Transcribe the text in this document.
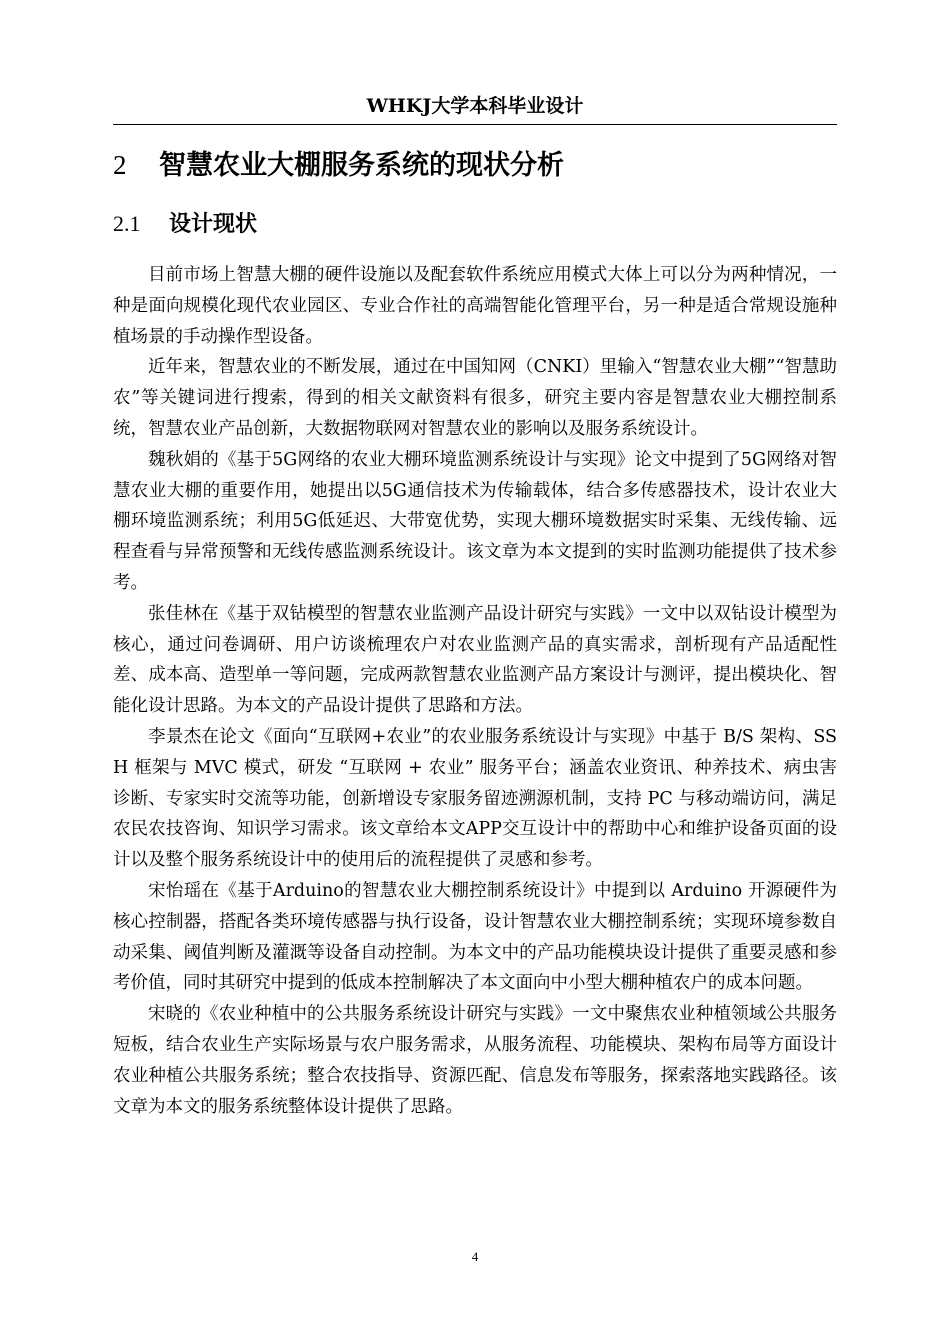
WHKJ大学本科毕业设计
2 智慧农业大棚服务系统的现状分析
2.1 设计现状

目前市场上智慧大棚的硬件设施以及配套软件系统应用模式大体上可以分为两种情况，一种是面向规模化现代农业园区、专业合作社的高端智能化管理平台，另一种是适合常规设施种植场景的手动操作型设备。

近年来，智慧农业的不断发展，通过在中国知网（CNKI）里输入“智慧农业大棚”“智慧助农”等关键词进行搜索，得到的相关文献资料有很多，研究主要内容是智慧农业大棚控制系统，智慧农业产品创新，大数据物联网对智慧农业的影响以及服务系统设计。

魏秋娟的《基于5G网络的农业大棚环境监测系统设计与实现》论文中提到了5G网络对智慧农业大棚的重要作用，她提出以5G通信技术为传输载体，结合多传感器技术，设计农业大棚环境监测系统；利用5G低延迟、大带宽优势，实现大棚环境数据实时采集、无线传输、远程查看与异常预警和无线传感监测系统设计。该文章为本文提到的实时监测功能提供了技术参考。

张佳林在《基于双钻模型的智慧农业监测产品设计研究与实践》一文中以双钻设计模型为核心，通过问卷调研、用户访谈梳理农户对农业监测产品的真实需求，剖析现有产品适配性差、成本高、造型单一等问题，完成两款智慧农业监测产品方案设计与测评，提出模块化、智能化设计思路。为本文的产品设计提供了思路和方法。

李景杰在论文《面向“互联网+农业”的农业服务系统设计与实现》中基于 B/S 架构、SSH 框架与 MVC 模式，研发 “互联网 + 农业” 服务平台；涵盖农业资讯、种养技术、病虫害诊断、专家实时交流等功能，创新增设专家服务留迹溯源机制，支持 PC 与移动端访问，满足农民农技咨询、知识学习需求。该文章给本文APP交互设计中的帮助中心和维护设备页面的设计以及整个服务系统设计中的使用后的流程提供了灵感和参考。

宋怡瑶在《基于Arduino的智慧农业大棚控制系统设计》中提到以 Arduino 开源硬件为核心控制器，搭配各类环境传感器与执行设备，设计智慧农业大棚控制系统；实现环境参数自动采集、阈值判断及灌溉等设备自动控制。为本文中的产品功能模块设计提供了重要灵感和参考价值，同时其研究中提到的低成本控制解决了本文面向中小型大棚种植农户的成本问题。

宋晓的《农业种植中的公共服务系统设计研究与实践》一文中聚焦农业种植领域公共服务短板，结合农业生产实际场景与农户服务需求，从服务流程、功能模块、架构布局等方面设计农业种植公共服务系统；整合农技指导、资源匹配、信息发布等服务，探索落地实践路径。该文章为本文的服务系统整体设计提供了思路。

4
